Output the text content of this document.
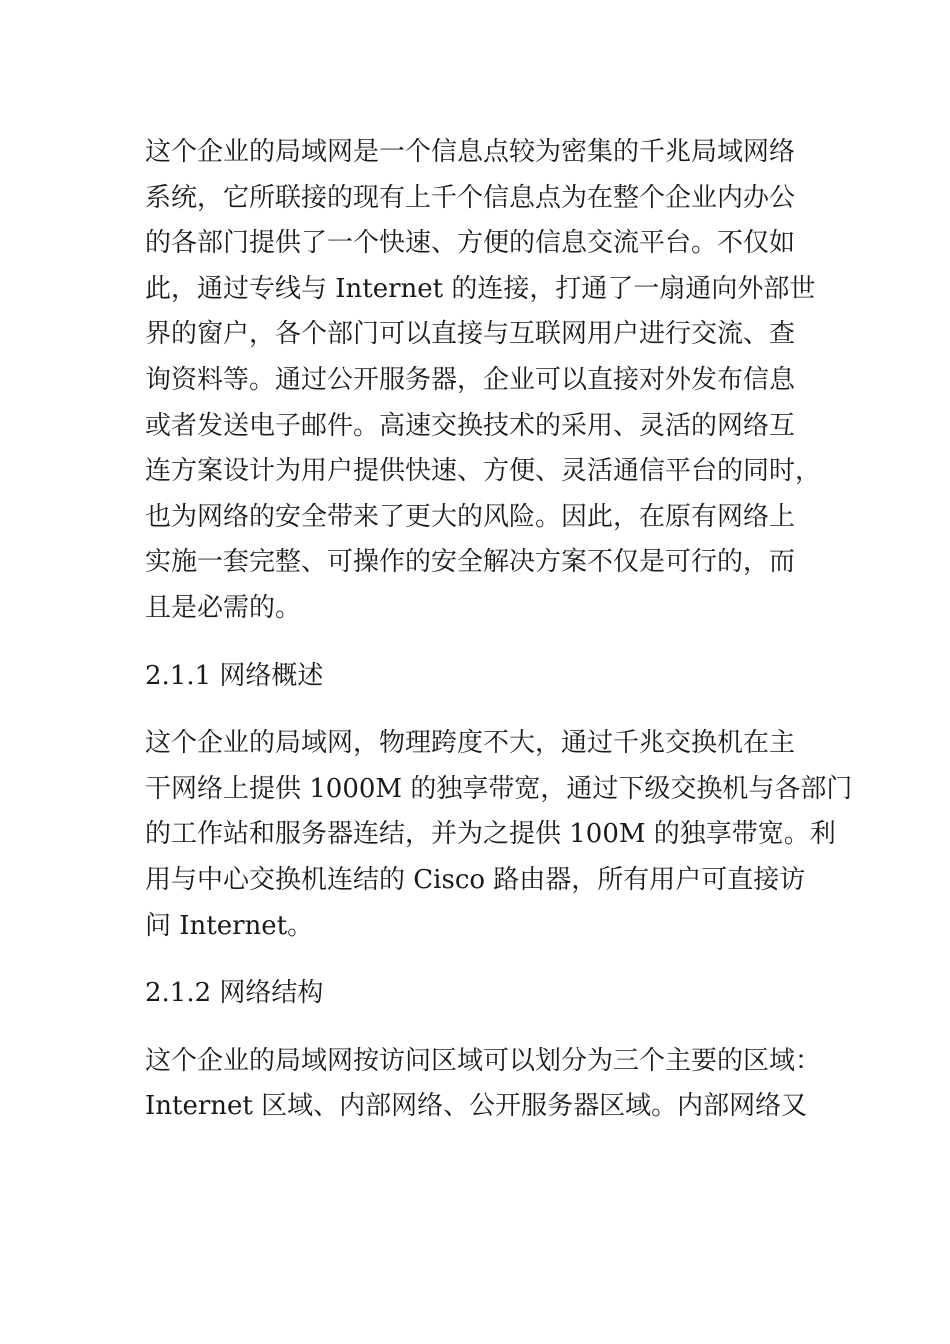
这个企业的局域网是一个信息点较为密集的千兆局域网络
系统，它所联接的现有上千个信息点为在整个企业内办公
的各部门提供了一个快速、方便的信息交流平台。不仅如
此，通过专线与 Internet 的连接，打通了一扇通向外部世
界的窗户，各个部门可以直接与互联网用户进行交流、查
询资料等。通过公开服务器，企业可以直接对外发布信息
或者发送电子邮件。高速交换技术的采用、灵活的网络互
连方案设计为用户提供快速、方便、灵活通信平台的同时，
也为网络的安全带来了更大的风险。因此，在原有网络上
实施一套完整、可操作的安全解决方案不仅是可行的，而
且是必需的。
2.1.1 网络概述
这个企业的局域网，物理跨度不大，通过千兆交换机在主
干网络上提供 1000M 的独享带宽，通过下级交换机与各部门
的工作站和服务器连结，并为之提供 100M 的独享带宽。利
用与中心交换机连结的 Cisco 路由器，所有用户可直接访
问 Internet。
2.1.2 网络结构
这个企业的局域网按访问区域可以划分为三个主要的区域：
Internet 区域、内部网络、公开服务器区域。内部网络又
